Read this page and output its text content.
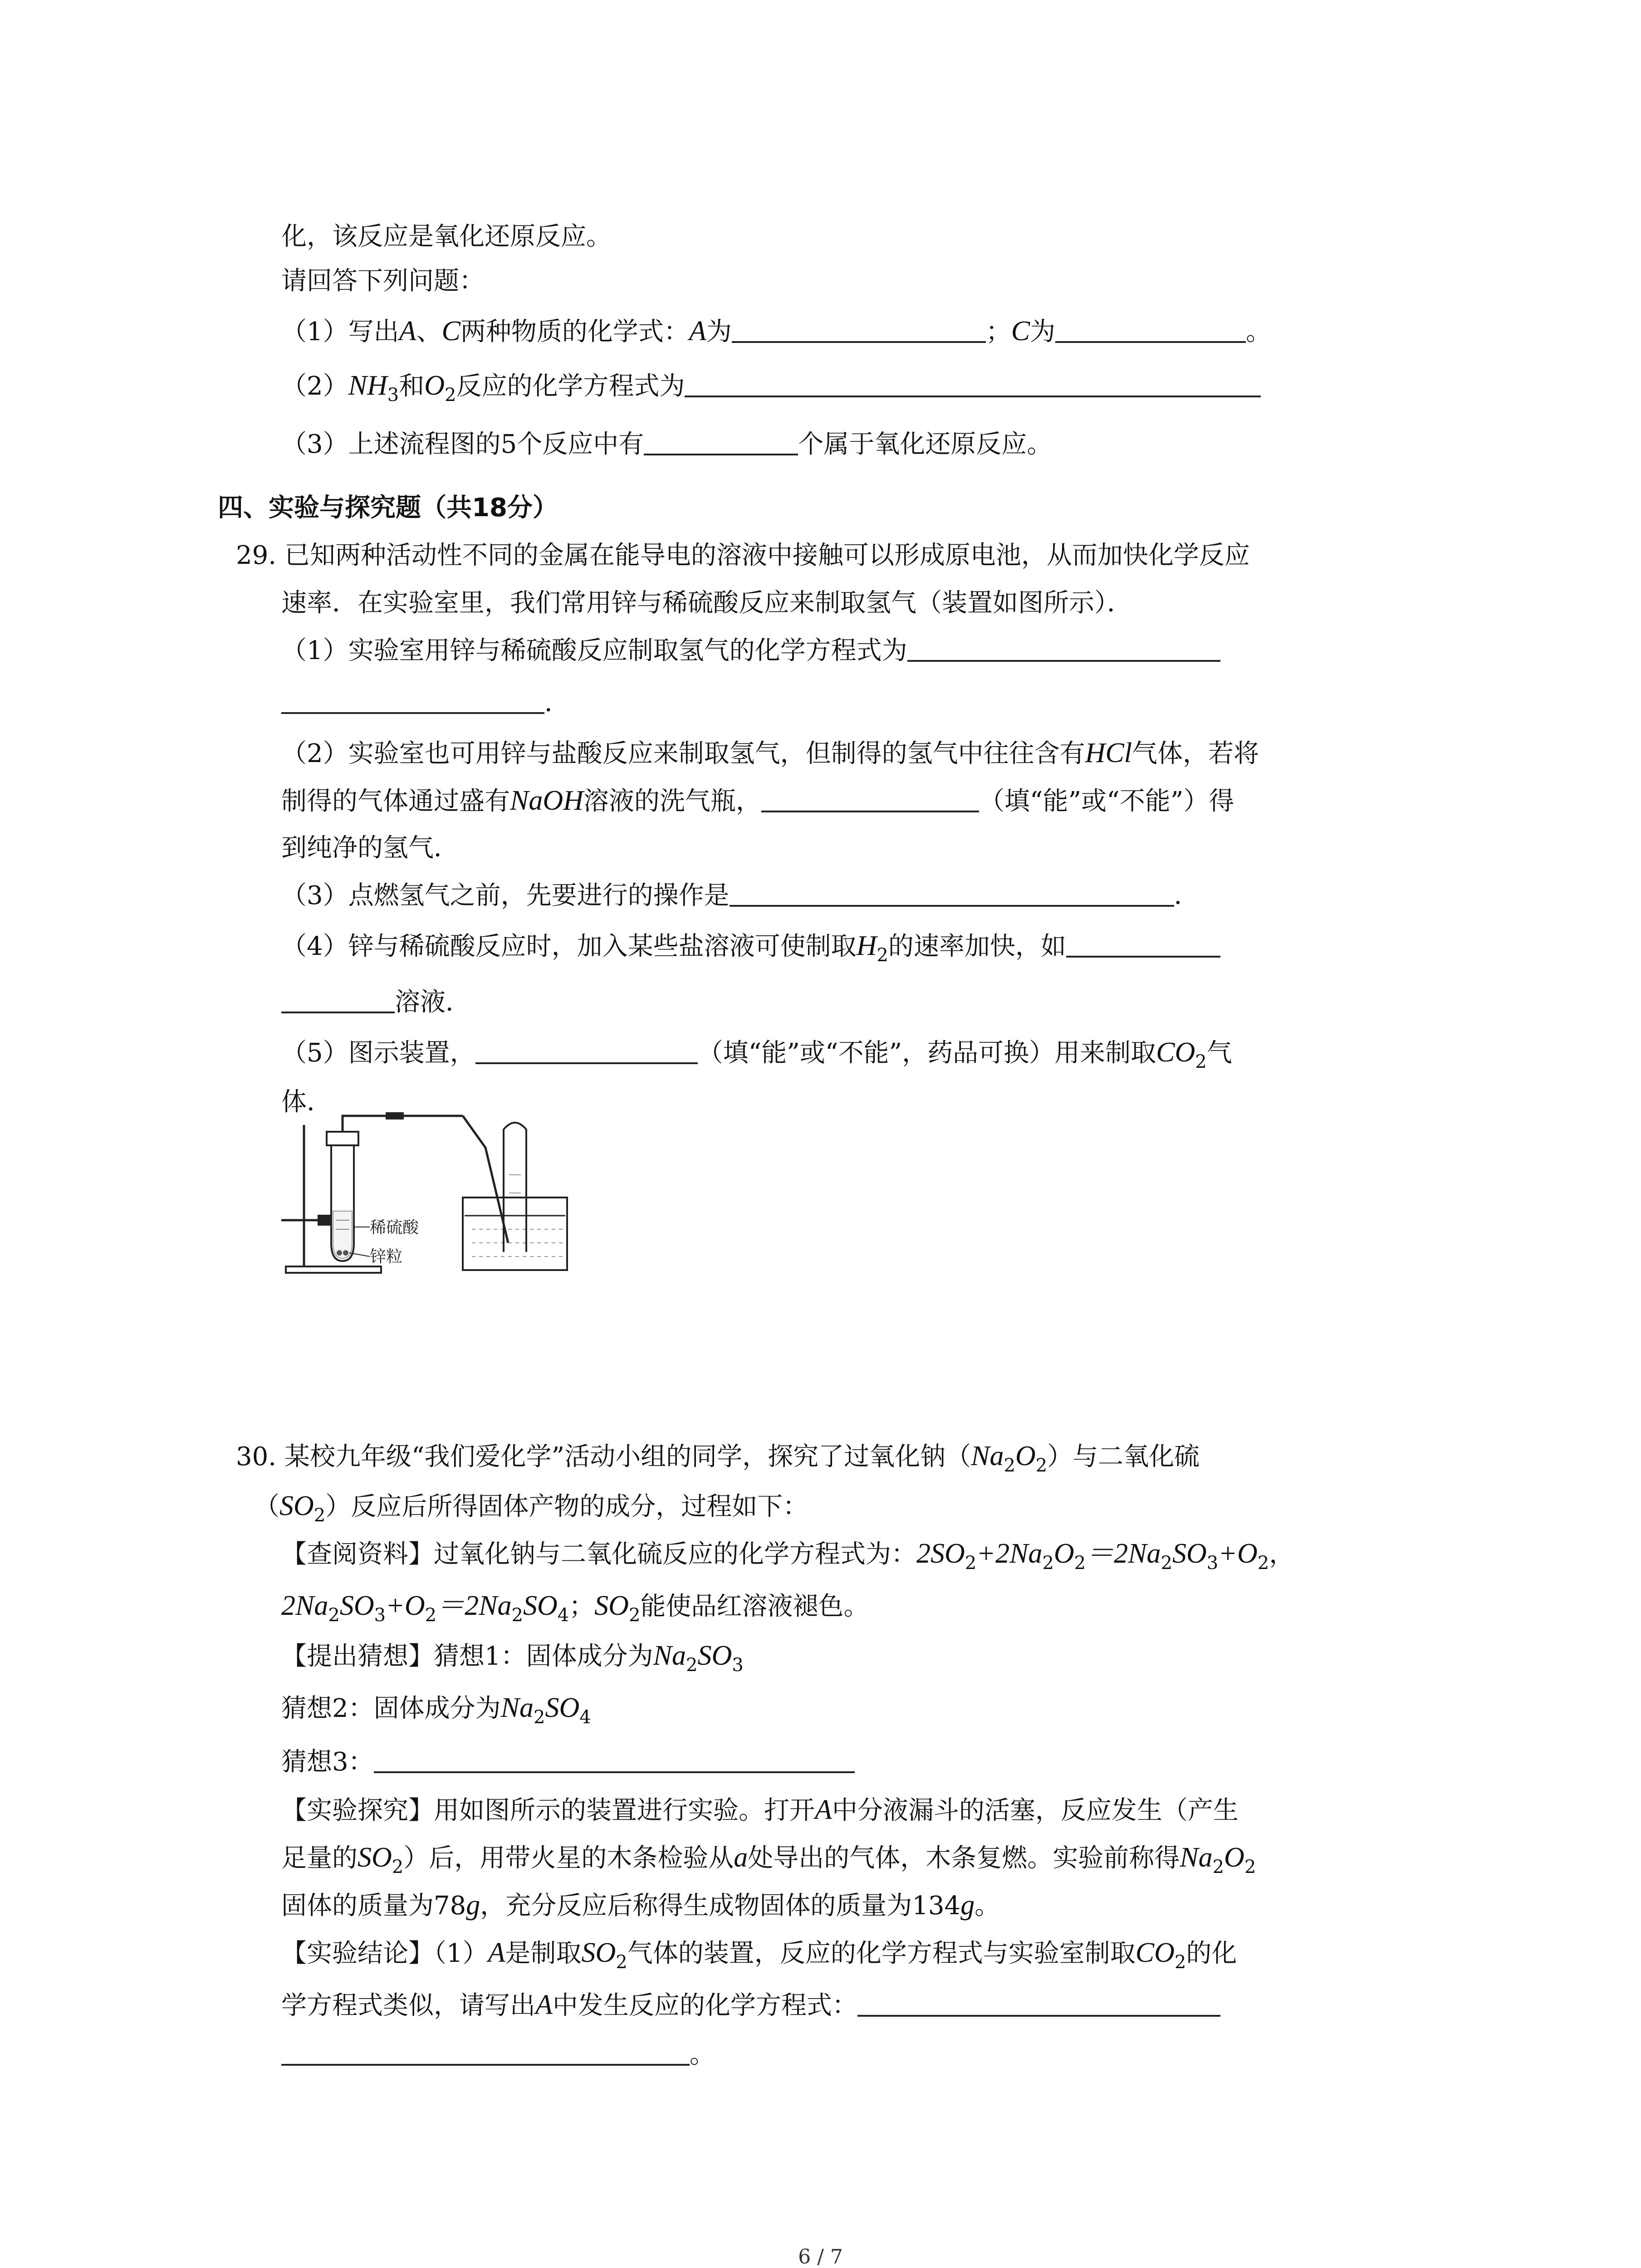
化，该反应是氧化还原反应。
请回答下列问题：
（1）写出A、C两种物质的化学式：A为	；C为	。
$(2)NH_3$和$O_2$反应的化学方程式为
（3）上述流程图的5个反应中有	个属于氧化还原反应。
四、实验与探究题（共18分）
29. 已知两种活动性不同的金属在能导电的溶液中接触可以形成原电池，从而加快化学反应
速率．在实验室里，我们常用锌与稀硫酸反应来制取氢气（装置如图所示）．
（1）实验室用锌与稀硫酸反应制取氢气的化学方程式为
．
（2）实验室也可用锌与盐酸反应来制取氢气，但制得的氢气中往往含有HCl气体，若将
制得的气体通过盛有NaOH溶液的洗气瓶，	（填“能”或“不能”）得
到纯净的氢气．
（3）点燃氢气之前，先要进行的操作是	．
（4）锌与稀硫酸反应时，加入某些盐溶液可使制取$H_2$的速率加快，如
溶液．
（5）图示装置，	（填“能”或“不能”，药品可换）用来制取$CO_2$气
体．
稀硫酸
锌粒
30. 某校九年级“我们爱化学”活动小组的同学，探究了过氧化钠$(Na_2O_2)$与二氧化硫
$(SO_2)$反应后所得固体产物的成分，过程如下：
【查阅资料】过氧化钠与二氧化硫反应的化学方程式为：$2SO_2+2Na_2O_2=2Na_2SO_3+O_2$，
$2Na_2SO_3+O_2=2Na_2SO_4$；$SO_2$能使品红溶液褪色。
【提出猜想】猜想1：固体成分为$Na_2SO_3$
猜想2：固体成分为$Na_2SO_4$
猜想3：
【实验探究】用如图所示的装置进行实验。打开A中分液漏斗的活塞，反应发生（产生
足量的$SO_2$）后，用带火星的木条检验从a处导出的气体，木条复燃。实验前称得$Na_2O_2$
固体的质量为78g，充分反应后称得生成物固体的质量为134g。
【实验结论】（1）A是制取$SO_2$气体的装置，反应的化学方程式与实验室制取$CO_2$的化
学方程式类似，请写出A中发生反应的化学方程式：
。
6 / 7
